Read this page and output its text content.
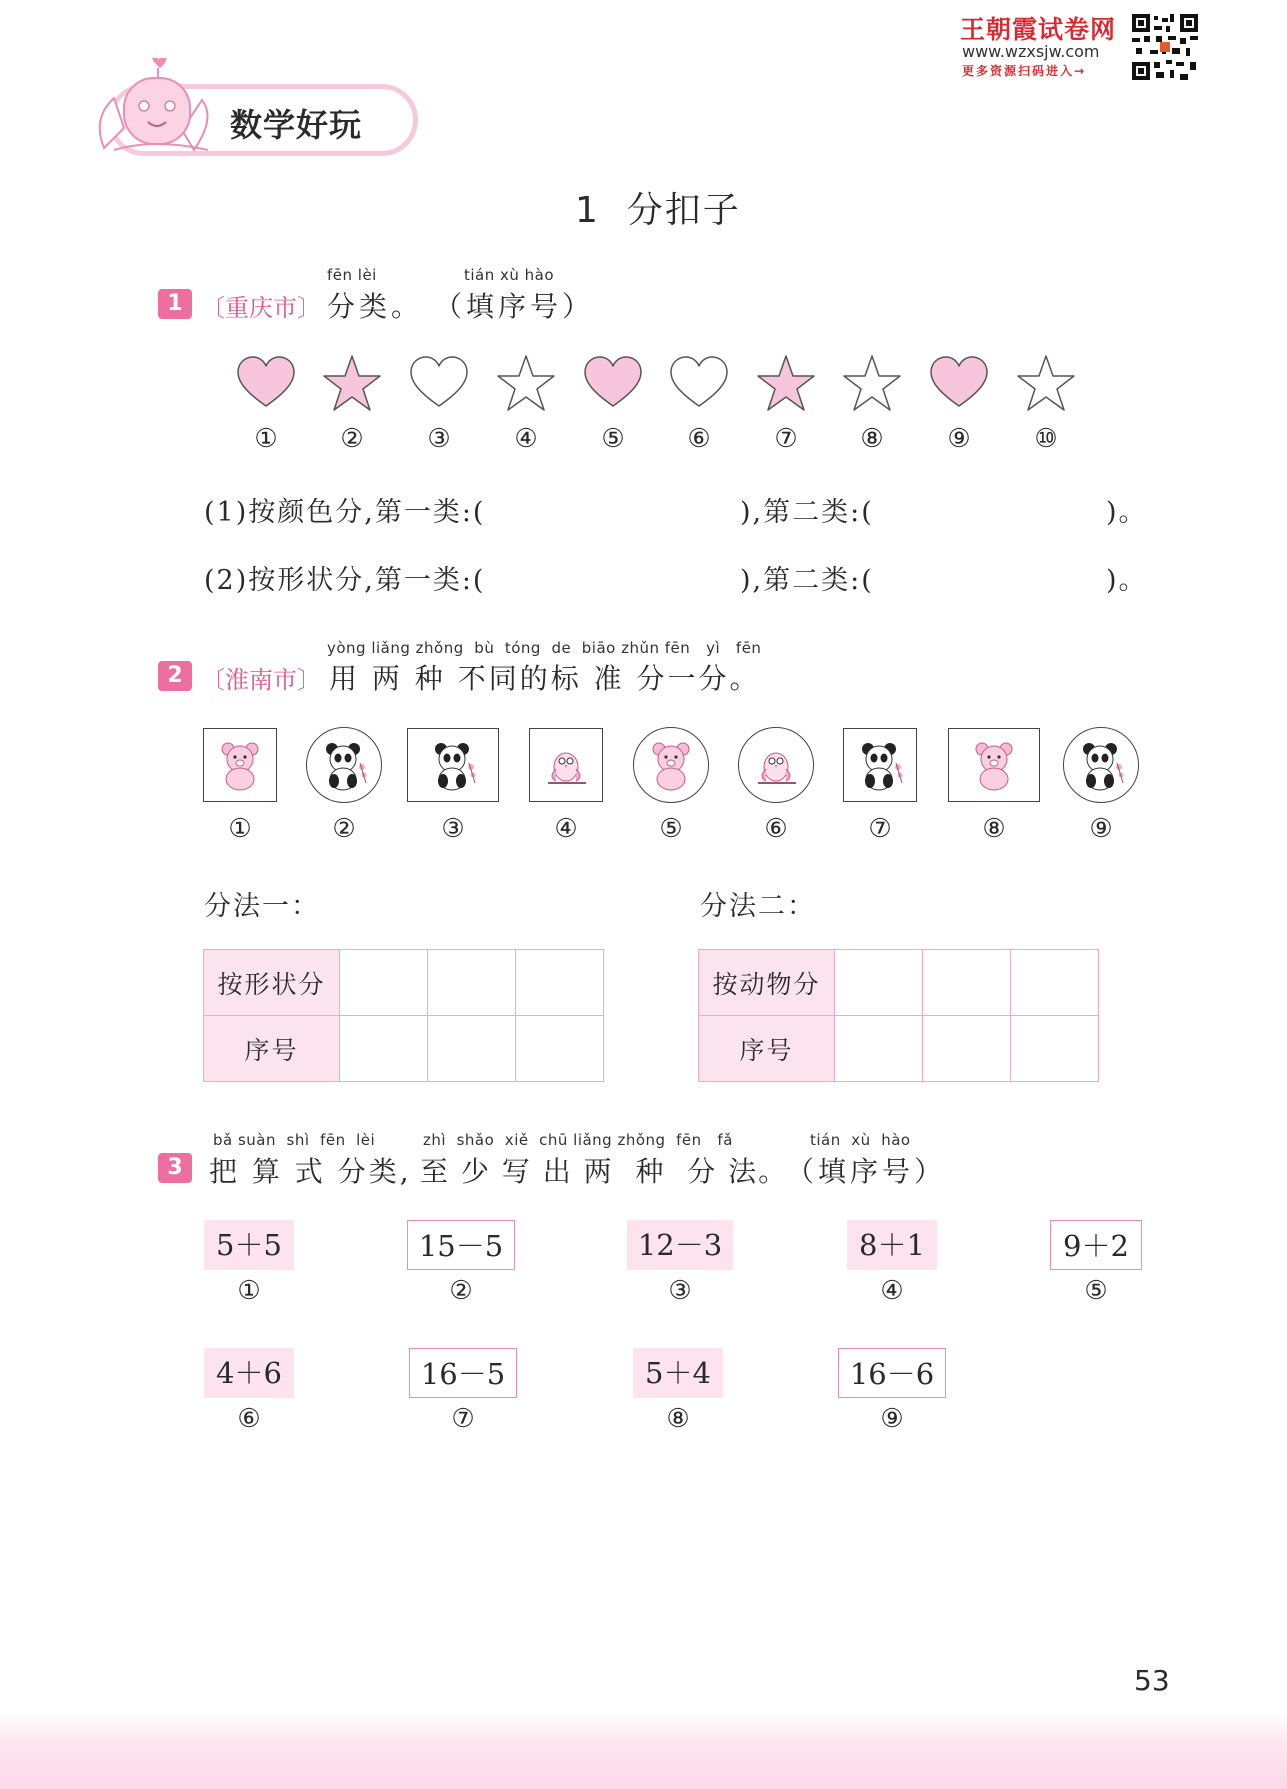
王朝霞试卷网
www.wzxsjw.com
更多资源扫码进入→
数学好玩
1  分扣子
1 〔重庆市〕
fēn lèi	tián xù hào
分类。 （填序号）
①	②	③	④	⑤	⑥	⑦	⑧	⑨	⑩
(1)按颜色分,第一类:(	),第二类:(	)。
(2)按形状分,第一类:(	),第二类:(	)。
2 〔淮南市〕
yòng liǎng zhǒng  bù  tóng  de  biāo zhǔn fēn   yì   fēn
用 两 种 不同的标 准 分一分。
①	②	③	④	⑤	⑥	⑦	⑧	⑨
分法一：	分法二：
按形状分			
序号			
按动物分			
序号			
3
bǎ suàn  shì  fēn  lèi	zhì  shǎo  xiě  chū liǎng zhǒng  fēn   fǎ	tián  xù  hào
把 算 式 分类, 至 少 写 出 两  种  分 法。
（填序号）
5＋5
①
15－5
②
12－3
③
8＋1
④
9＋2
⑤
4＋6
⑥
16－5
⑦
5＋4
⑧
16－6
⑨
53
